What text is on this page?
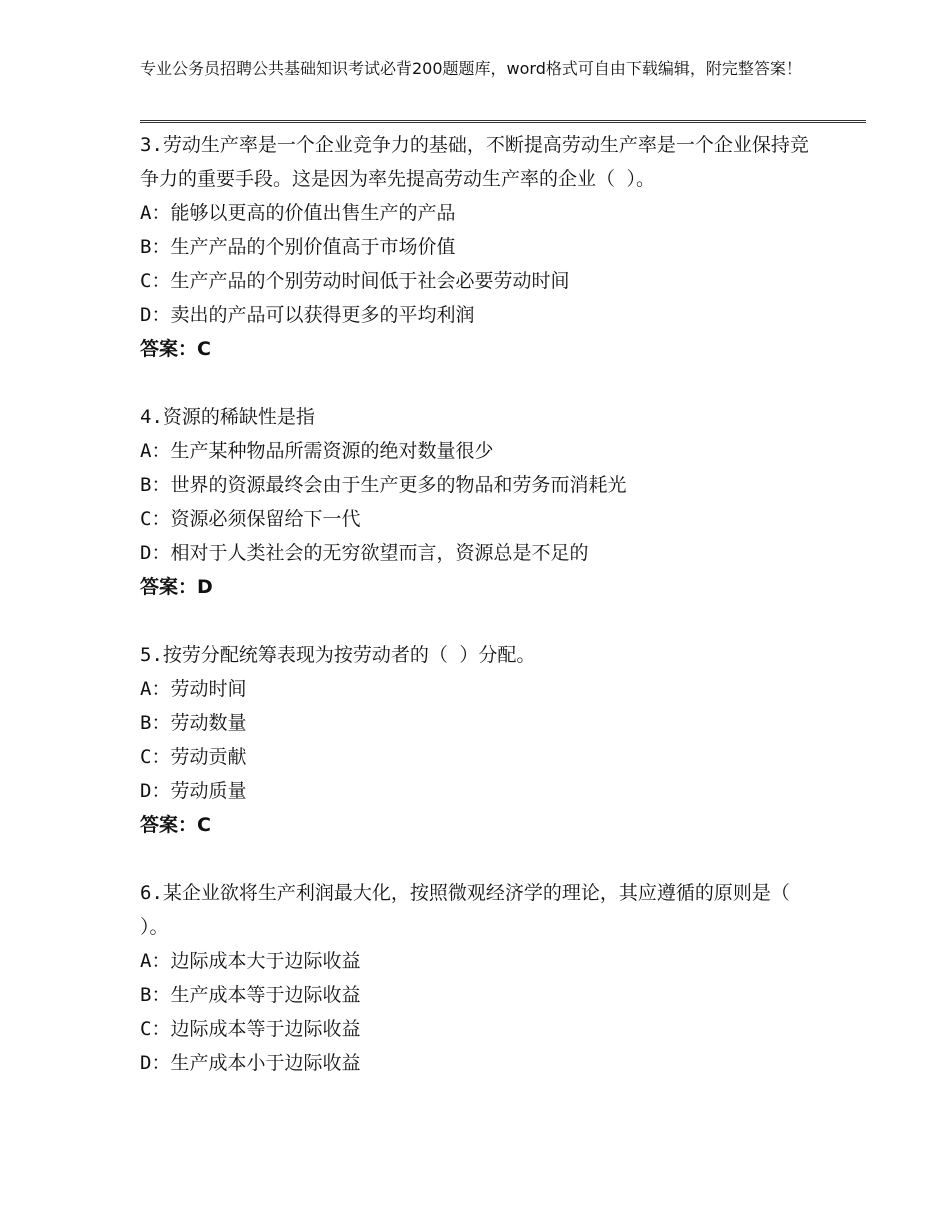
专业公务员招聘公共基础知识考试必背200题题库，word格式可自由下载编辑，附完整答案！

3.劳动生产率是一个企业竞争力的基础，不断提高劳动生产率是一个企业保持竞争力的重要手段。这是因为率先提高劳动生产率的企业（ ）。

A：能够以更高的价值出售生产的产品

B：生产产品的个别价值高于市场价值

C：生产产品的个别劳动时间低于社会必要劳动时间

D：卖出的产品可以获得更多的平均利润

答案：C

4.资源的稀缺性是指

A：生产某种物品所需资源的绝对数量很少

B：世界的资源最终会由于生产更多的物品和劳务而消耗光

C：资源必须保留给下一代

D：相对于人类社会的无穷欲望而言，资源总是不足的

答案：D

5.按劳分配统筹表现为按劳动者的（ ）分配。

A：劳动时间

B：劳动数量

C：劳动贡献

D：劳动质量

答案：C

6.某企业欲将生产利润最大化，按照微观经济学的理论，其应遵循的原则是（ ）。

A：边际成本大于边际收益

B：生产成本等于边际收益

C：边际成本等于边际收益

D：生产成本小于边际收益
